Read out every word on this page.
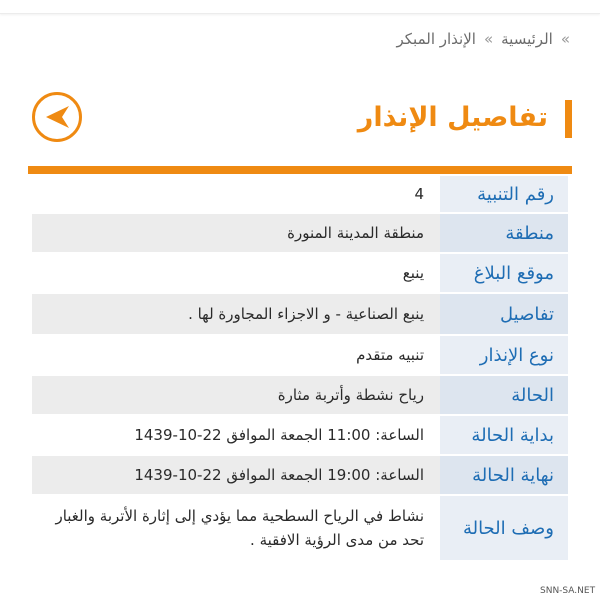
»
الرئيسية
»
الإنذار المبكر
تفاصيل الإنذار
رقم التنبية
4
منطقة
منطقة المدينة المنورة
موقع البلاغ
ينبع
تفاصيل
ينبع الصناعية - و الاجزاء المجاورة لها .
نوع الإنذار
تنبيه متقدم
الحالة
رياح نشطة وأتربة مثارة
بداية الحالة
الساعة: 11:00 الجمعة الموافق 22-10-1439
نهاية الحالة
الساعة: 19:00 الجمعة الموافق 22-10-1439
وصف الحالة
نشاط في الرياح السطحية مما يؤدي إلى إثارة الأتربة والغبار تحد من مدى الرؤية الافقية .
SNN-SA.NET
